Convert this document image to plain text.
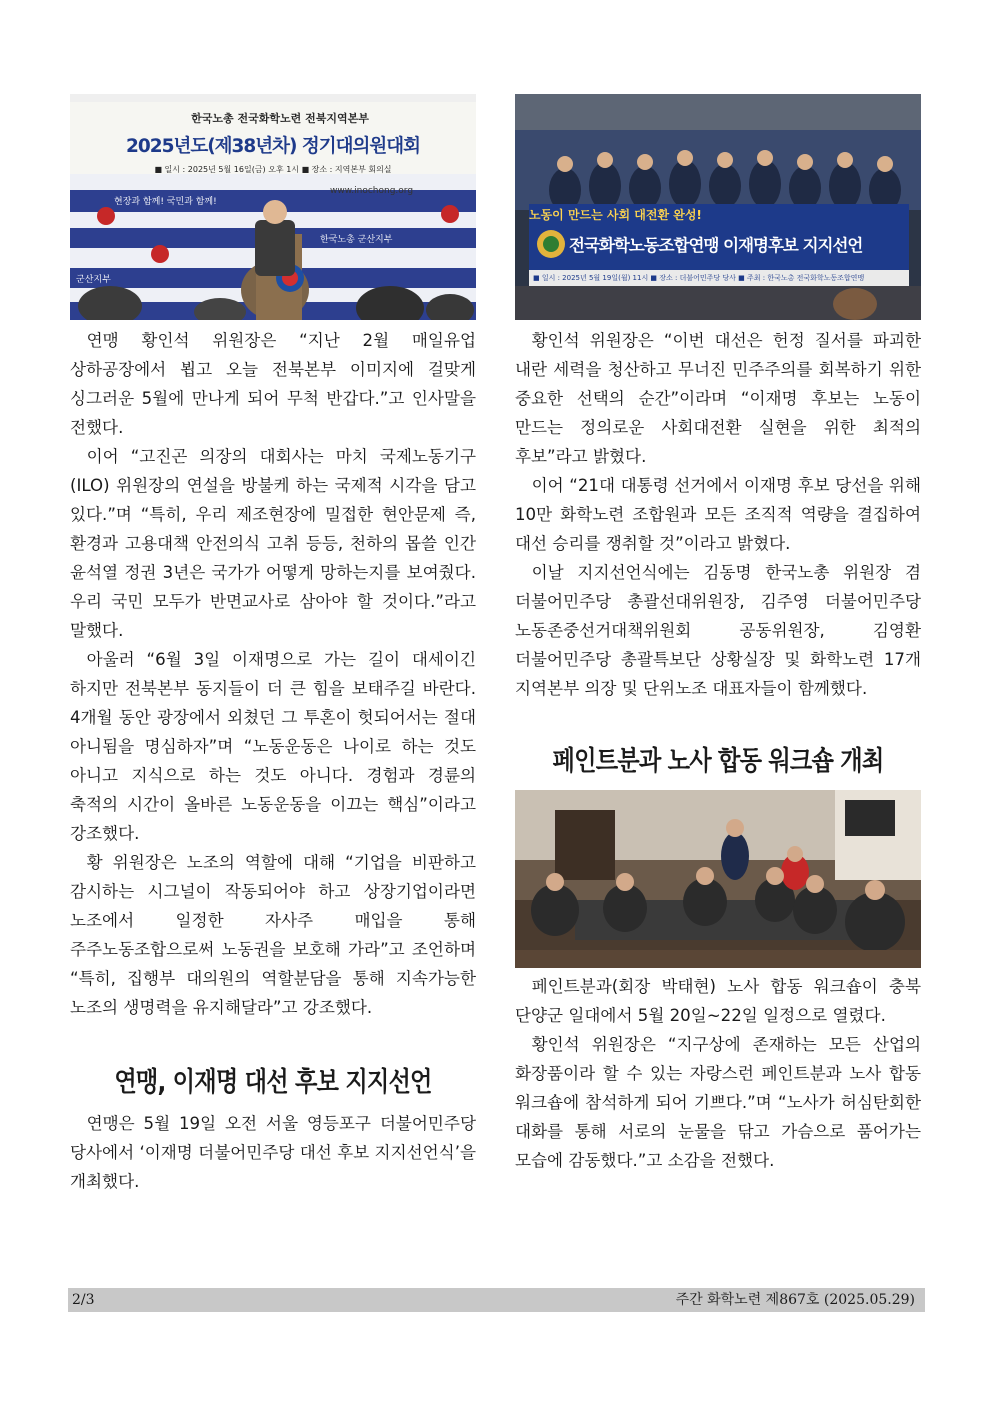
한국노총 전국화학노련 전북지역본부
2025년도(제38년차) 정기대의원대회
■ 일시 : 2025년 5월 16일(금) 오후 1시 ■ 장소 : 지역본부 회의실
현장과 함께! 국민과 함께!
한국노총 군산지부
www.inochong.org
군산지부

연맹 황인석 위원장은 “지난 2월 매일유업 상하공장에서 뵙고 오늘 전북본부 이미지에 걸맞게 싱그러운 5월에 만나게 되어 무척 반갑다.”고 인사말을 전했다.

이어 “고진곤 의장의 대회사는 마치 국제노동기구(ILO) 위원장의 연설을 방불케 하는 국제적 시각을 담고 있다.”며 “특히, 우리 제조현장에 밀접한 현안문제 즉, 환경과 고용대책 안전의식 고취 등등, 천하의 몹쓸 인간 윤석열 정권 3년은 국가가 어떻게 망하는지를 보여줬다. 우리 국민 모두가 반면교사로 삼아야 할 것이다.”라고 말했다.

아울러 “6월 3일 이재명으로 가는 길이 대세이긴 하지만 전북본부 동지들이 더 큰 힘을 보태주길 바란다. 4개월 동안 광장에서 외쳤던 그 투혼이 헛되어서는 절대 아니됨을 명심하자”며 “노동운동은 나이로 하는 것도 아니고 지식으로 하는 것도 아니다. 경험과 경륜의 축적의 시간이 올바른 노동운동을 이끄는 핵심”이라고 강조했다.

황 위원장은 노조의 역할에 대해 “기업을 비판하고 감시하는 시그널이 작동되어야 하고 상장기업이라면 노조에서 일정한 자사주 매입을 통해 주주노동조합으로써 노동권을 보호해 가라”고 조언하며 “특히, 집행부 대의원의 역할분담을 통해 지속가능한 노조의 생명력을 유지해달라”고 강조했다.

연맹, 이재명 대선 후보 지지선언

연맹은 5월 19일 오전 서울 영등포구 더불어민주당 당사에서 ‘이재명 더불어민주당 대선 후보 지지선언식’을 개최했다.

노동이 만드는 사회 대전환 완성!
전국화학노동조합연맹 이재명후보 지지선언
■ 일시 : 2025년 5월 19일(월) 11시 ■ 장소 : 더불어민주당 당사 ■ 주최 : 한국노총 전국화학노동조합연맹

황인석 위원장은 “이번 대선은 헌정 질서를 파괴한 내란 세력을 청산하고 무너진 민주주의를 회복하기 위한 중요한 선택의 순간”이라며 “이재명 후보는 노동이 만드는 정의로운 사회대전환 실현을 위한 최적의 후보”라고 밝혔다.

이어 “21대 대통령 선거에서 이재명 후보 당선을 위해 10만 화학노련 조합원과 모든 조직적 역량을 결집하여 대선 승리를 쟁취할 것”이라고 밝혔다.

이날 지지선언식에는 김동명 한국노총 위원장 겸 더불어민주당 총괄선대위원장, 김주영 더불어민주당 노동존중선거대책위원회 공동위원장, 김영환 더불어민주당 총괄특보단 상황실장 및 화학노련 17개 지역본부 의장 및 단위노조 대표자들이 함께했다.

페인트분과 노사 합동 워크숍 개최

페인트분과(회장 박태현) 노사 합동 워크숍이 충북 단양군 일대에서 5월 20일~22일 일정으로 열렸다.

황인석 위원장은 “지구상에 존재하는 모든 산업의 화장품이라 할 수 있는 자랑스런 페인트분과 노사 합동 워크숍에 참석하게 되어 기쁘다.”며 “노사가 허심탄회한 대화를 통해 서로의 눈물을 닦고 가슴으로 품어가는 모습에 감동했다.”고 소감을 전했다.

2/3	주간 화학노련 제867호 (2025.05.29)
